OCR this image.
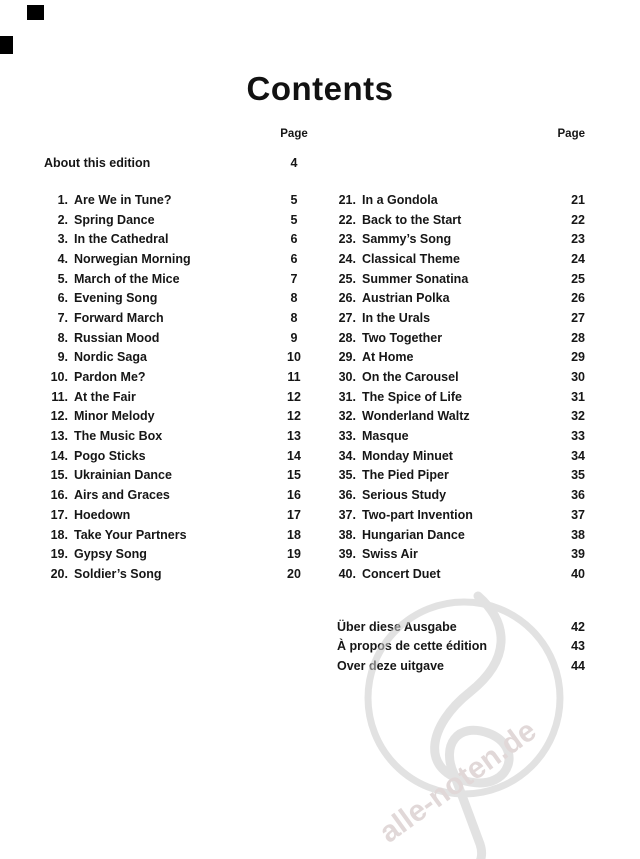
Contents
Page	Page
About this edition	4
1. Are We in Tune?	5
2. Spring Dance	5
3. In the Cathedral	6
4. Norwegian Morning	6
5. March of the Mice	7
6. Evening Song	8
7. Forward March	8
8. Russian Mood	9
9. Nordic Saga	10
10. Pardon Me?	11
11. At the Fair	12
12. Minor Melody	12
13. The Music Box	13
14. Pogo Sticks	14
15. Ukrainian Dance	15
16. Airs and Graces	16
17. Hoedown	17
18. Take Your Partners	18
19. Gypsy Song	19
20. Soldier’s Song	20
21. In a Gondola	21
22. Back to the Start	22
23. Sammy’s Song	23
24. Classical Theme	24
25. Summer Sonatina	25
26. Austrian Polka	26
27. In the Urals	27
28. Two Together	28
29. At Home	29
30. On the Carousel	30
31. The Spice of Life	31
32. Wonderland Waltz	32
33. Masque	33
34. Monday Minuet	34
35. The Pied Piper	35
36. Serious Study	36
37. Two-part Invention	37
38. Hungarian Dance	38
39. Swiss Air	39
40. Concert Duet	40
Über diese Ausgabe	42
À propos de cette édition	43
Over deze uitgave	44
alle-noten.de
